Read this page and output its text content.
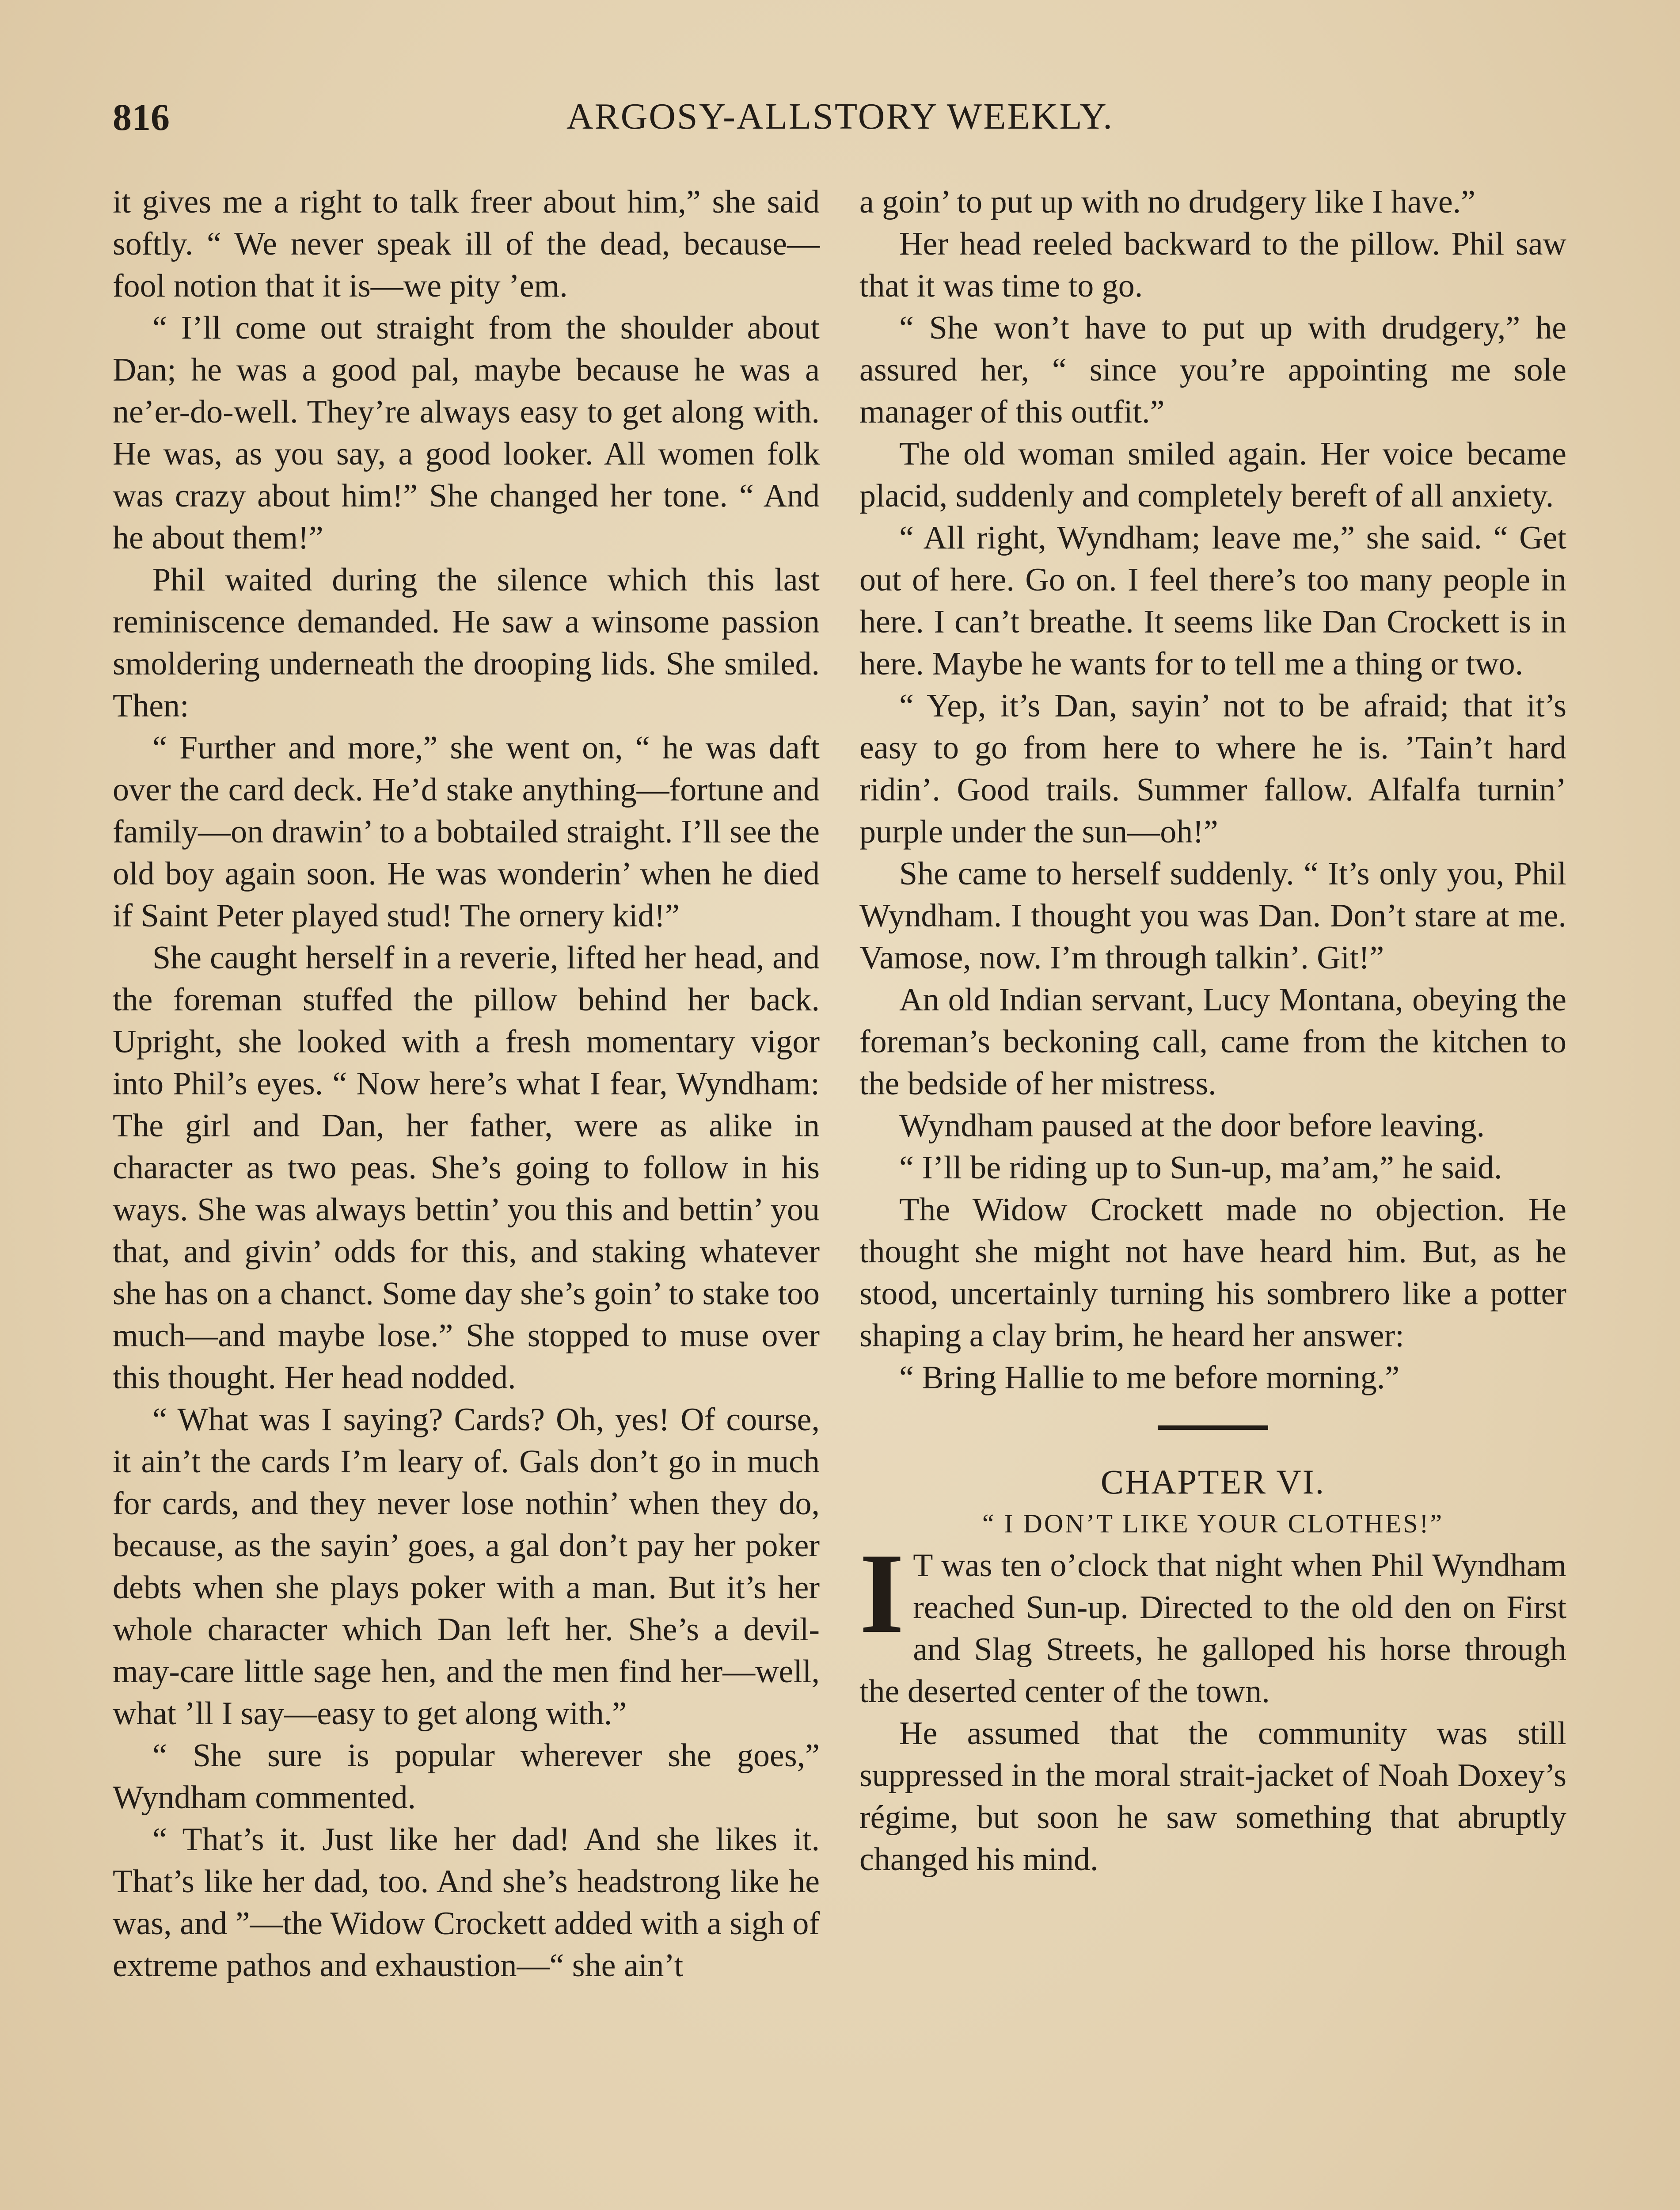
816	ARGOSY-ALLSTORY WEEKLY.

it gives me a right to talk freer about him,” she said softly. “ We never speak ill of the dead, because—fool notion that it is—we pity ’em.

“ I’ll come out straight from the shoulder about Dan; he was a good pal, maybe because he was a ne’er-do-well. They’re always easy to get along with. He was, as you say, a good looker. All women folk was crazy about him!” She changed her tone. “ And he about them!”

Phil waited during the silence which this last reminiscence demanded. He saw a winsome passion smoldering underneath the drooping lids. She smiled. Then:

“ Further and more,” she went on, “ he was daft over the card deck. He’d stake anything—fortune and family—on drawin’ to a bobtailed straight. I’ll see the old boy again soon. He was wonderin’ when he died if Saint Peter played stud! The ornery kid!”

She caught herself in a reverie, lifted her head, and the foreman stuffed the pillow behind her back. Upright, she looked with a fresh momentary vigor into Phil’s eyes. “ Now here’s what I fear, Wyndham: The girl and Dan, her father, were as alike in character as two peas. She’s going to follow in his ways. She was always bettin’ you this and bettin’ you that, and givin’ odds for this, and staking whatever she has on a chanct. Some day she’s goin’ to stake too much—and maybe lose.” She stopped to muse over this thought. Her head nodded.

“ What was I saying? Cards? Oh, yes! Of course, it ain’t the cards I’m leary of. Gals don’t go in much for cards, and they never lose nothin’ when they do, because, as the sayin’ goes, a gal don’t pay her poker debts when she plays poker with a man. But it’s her whole character which Dan left her. She’s a devil-may-care little sage hen, and the men find her—well, what ’ll I say—easy to get along with.”

“ She sure is popular wherever she goes,” Wyndham commented.

“ That’s it. Just like her dad! And she likes it. That’s like her dad, too. And she’s headstrong like he was, and ”—the Widow Crockett added with a sigh of extreme pathos and exhaustion—“ she ain’t

a goin’ to put up with no drudgery like I have.”

Her head reeled backward to the pillow. Phil saw that it was time to go.

“ She won’t have to put up with drudgery,” he assured her, “ since you’re appointing me sole manager of this outfit.”

The old woman smiled again. Her voice became placid, suddenly and completely bereft of all anxiety.

“ All right, Wyndham; leave me,” she said. “ Get out of here. Go on. I feel there’s too many people in here. I can’t breathe. It seems like Dan Crockett is in here. Maybe he wants for to tell me a thing or two.

“ Yep, it’s Dan, sayin’ not to be afraid; that it’s easy to go from here to where he is. ’Tain’t hard ridin’. Good trails. Summer fallow. Alfalfa turnin’ purple under the sun—oh!”

She came to herself suddenly. “ It’s only you, Phil Wyndham. I thought you was Dan. Don’t stare at me. Vamose, now. I’m through talkin’. Git!”

An old Indian servant, Lucy Montana, obeying the foreman’s beckoning call, came from the kitchen to the bedside of her mistress.

Wyndham paused at the door before leaving.

“ I’ll be riding up to Sun-up, ma’am,” he said.

The Widow Crockett made no objection. He thought she might not have heard him. But, as he stood, uncertainly turning his sombrero like a potter shaping a clay brim, he heard her answer:

“ Bring Hallie to me before morning.”

CHAPTER VI.

“ I DON’T LIKE YOUR CLOTHES!”

I T was ten o’clock that night when Phil Wyndham reached Sun-up. Directed to the old den on First and Slag Streets, he galloped his horse through the deserted center of the town.

He assumed that the community was still suppressed in the moral strait-jacket of Noah Doxey’s régime, but soon he saw something that abruptly changed his mind.
